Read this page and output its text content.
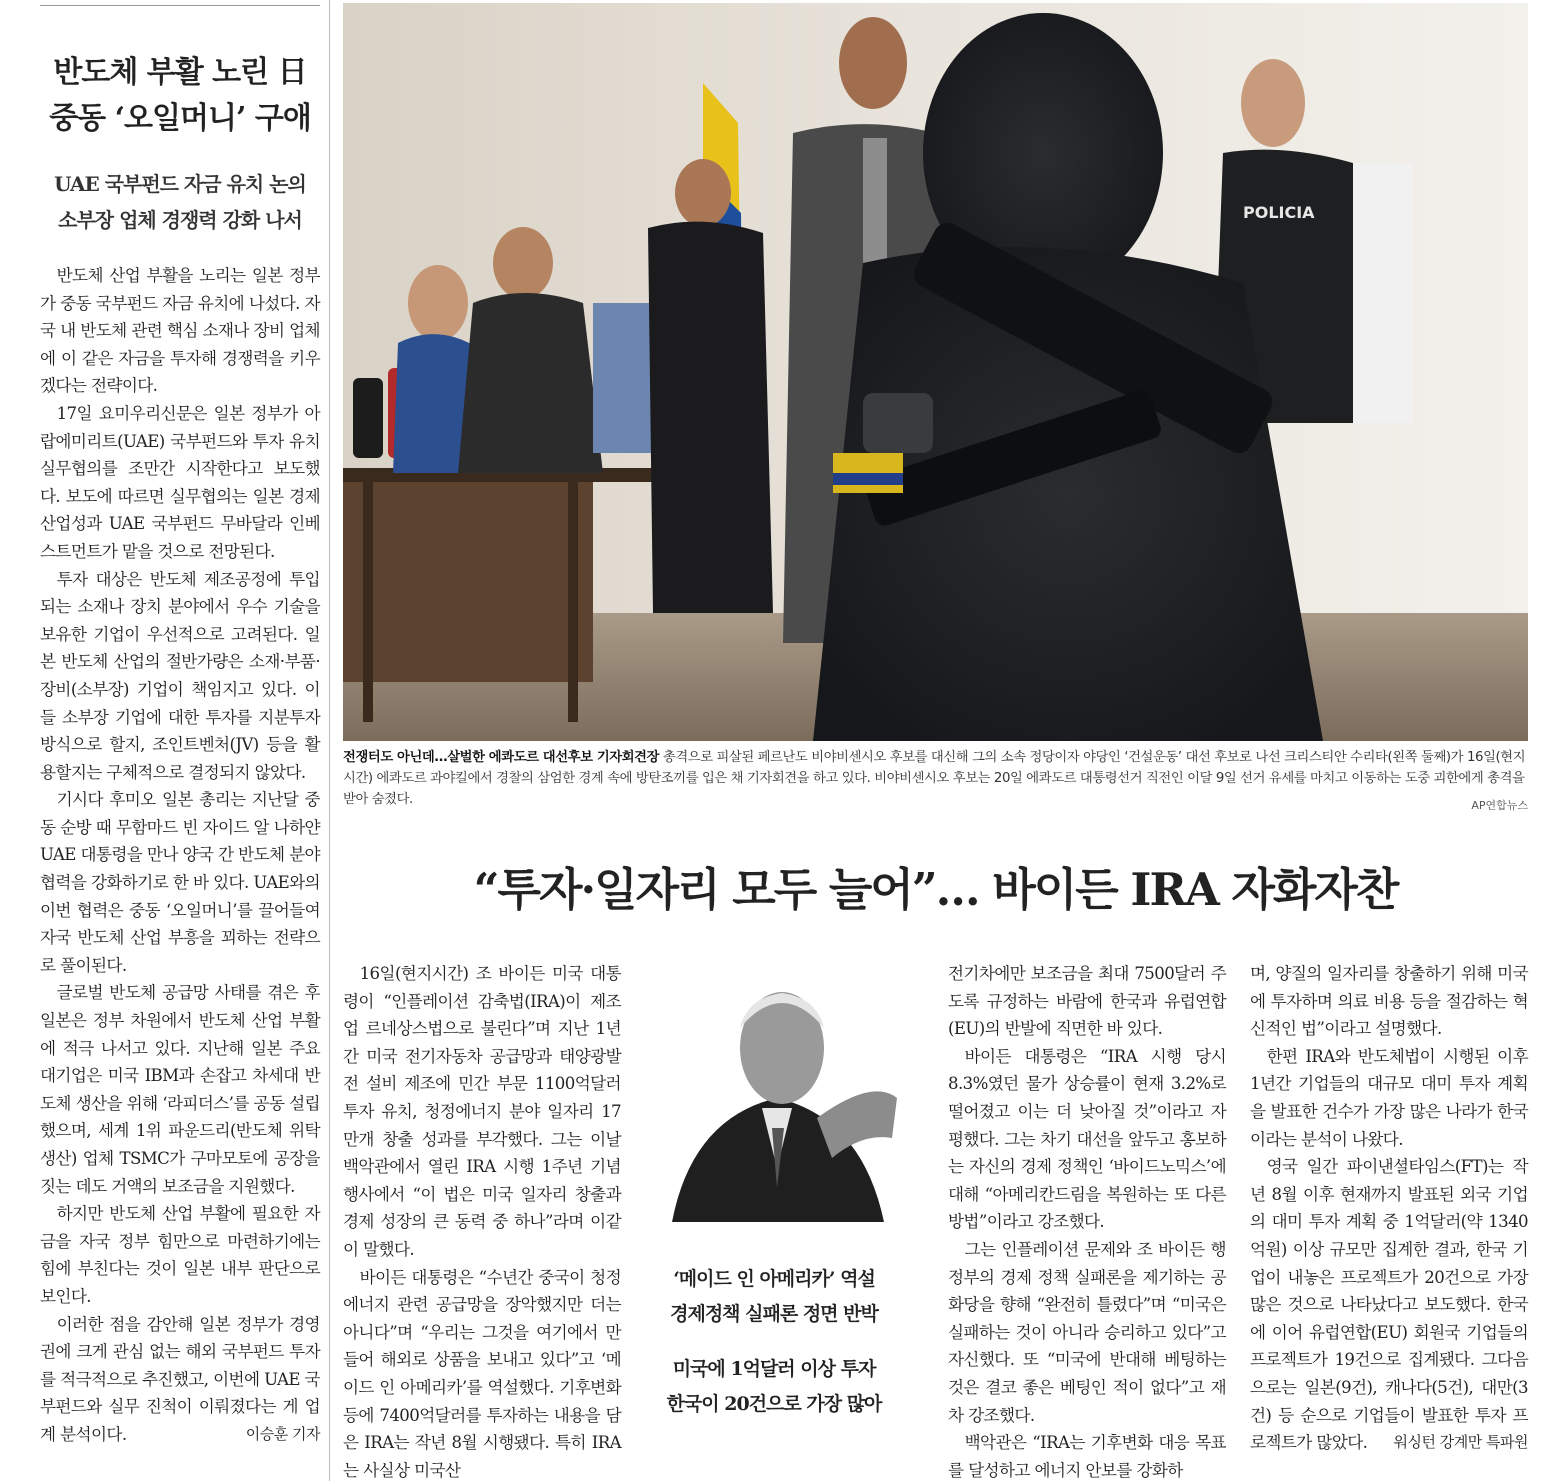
반도체 부활 노린 日
중동 ‘오일머니’ 구애
UAE 국부펀드 자금 유치 논의
소부장 업체 경쟁력 강화 나서

반도체 산업 부활을 노리는 일본 정부가 중동 국부펀드 자금 유치에 나섰다. 자국 내 반도체 관련 핵심 소재나 장비 업체에 이 같은 자금을 투자해 경쟁력을 키우겠다는 전략이다.

17일 요미우리신문은 일본 정부가 아랍에미리트(UAE) 국부펀드와 투자 유치 실무협의를 조만간 시작한다고 보도했다. 보도에 따르면 실무협의는 일본 경제산업성과 UAE 국부펀드 무바달라 인베스트먼트가 맡을 것으로 전망된다.

투자 대상은 반도체 제조공정에 투입되는 소재나 장치 분야에서 우수 기술을 보유한 기업이 우선적으로 고려된다. 일본 반도체 산업의 절반가량은 소재·부품·장비(소부장) 기업이 책임지고 있다. 이들 소부장 기업에 대한 투자를 지분투자 방식으로 할지, 조인트벤처(JV) 등을 활용할지는 구체적으로 결정되지 않았다.

기시다 후미오 일본 총리는 지난달 중동 순방 때 무함마드 빈 자이드 알 나하얀 UAE 대통령을 만나 양국 간 반도체 분야 협력을 강화하기로 한 바 있다. UAE와의 이번 협력은 중동 ‘오일머니’를 끌어들여 자국 반도체 산업 부흥을 꾀하는 전략으로 풀이된다.

글로벌 반도체 공급망 사태를 겪은 후 일본은 정부 차원에서 반도체 산업 부활에 적극 나서고 있다. 지난해 일본 주요 대기업은 미국 IBM과 손잡고 차세대 반도체 생산을 위해 ‘라피더스’를 공동 설립했으며, 세계 1위 파운드리(반도체 위탁생산) 업체 TSMC가 구마모토에 공장을 짓는 데도 거액의 보조금을 지원했다.

하지만 반도체 산업 부활에 필요한 자금을 자국 정부 힘만으로 마련하기에는 힘에 부친다는 것이 일본 내부 판단으로 보인다.

이러한 점을 감안해 일본 정부가 경영권에 크게 관심 없는 해외 국부펀드 투자를 적극적으로 추진했고, 이번에 UAE 국부펀드와 실무 진척이 이뤄졌다는 게 업계 분석이다.	이승훈 기자

POLICIA
전쟁터도 아닌데…살벌한 에콰도르 대선후보 기자회견장 총격으로 피살된 페르난도 비야비센시오 후보를 대신해 그의 소속 정당이자 야당인 ‘건설운동’ 대선 후보로 나선 크리스티안 수리타(왼쪽 둘째)가 16일(현지시간) 에콰도르 과야킬에서 경찰의 삼엄한 경계 속에 방탄조끼를 입은 채 기자회견을 하고 있다. 비야비센시오 후보는 20일 에콰도르 대통령선거 직전인 이달 9일 선거 유세를 마치고 이동하는 도중 괴한에게 총격을 받아 숨졌다.	AP연합뉴스
“투자·일자리 모두 늘어”… 바이든 IRA 자화자찬

16일(현지시간) 조 바이든 미국 대통령이 “인플레이션 감축법(IRA)이 제조업 르네상스법으로 불린다”며 지난 1년간 미국 전기자동차 공급망과 태양광발전 설비 제조에 민간 부문 1100억달러 투자 유치, 청정에너지 분야 일자리 17만개 창출 성과를 부각했다. 그는 이날 백악관에서 열린 IRA 시행 1주년 기념 행사에서 “이 법은 미국 일자리 창출과 경제 성장의 큰 동력 중 하나”라며 이같이 말했다.

바이든 대통령은 “수년간 중국이 청정에너지 관련 공급망을 장악했지만 더는 아니다”며 “우리는 그것을 여기에서 만들어 해외로 상품을 보내고 있다”고 ‘메이드 인 아메리카’를 역설했다. 기후변화 등에 7400억달러를 투자하는 내용을 담은 IRA는 작년 8월 시행됐다. 특히 IRA는 사실상 미국산

‘메이드 인 아메리카’ 역설
경제정책 실패론 정면 반박
미국에 1억달러 이상 투자
한국이 20건으로 가장 많아

전기차에만 보조금을 최대 7500달러 주도록 규정하는 바람에 한국과 유럽연합(EU)의 반발에 직면한 바 있다.

바이든 대통령은 “IRA 시행 당시 8.3%였던 물가 상승률이 현재 3.2%로 떨어졌고 이는 더 낮아질 것”이라고 자평했다. 그는 차기 대선을 앞두고 홍보하는 자신의 경제 정책인 ‘바이드노믹스’에 대해 “아메리칸드림을 복원하는 또 다른 방법”이라고 강조했다.

그는 인플레이션 문제와 조 바이든 행정부의 경제 정책 실패론을 제기하는 공화당을 향해 “완전히 틀렸다”며 “미국은 실패하는 것이 아니라 승리하고 있다”고 자신했다. 또 “미국에 반대해 베팅하는 것은 결코 좋은 베팅인 적이 없다”고 재차 강조했다.

백악관은 “IRA는 기후변화 대응 목표를 달성하고 에너지 안보를 강화하

며, 양질의 일자리를 창출하기 위해 미국에 투자하며 의료 비용 등을 절감하는 혁신적인 법”이라고 설명했다.

한편 IRA와 반도체법이 시행된 이후 1년간 기업들의 대규모 대미 투자 계획을 발표한 건수가 가장 많은 나라가 한국이라는 분석이 나왔다.

영국 일간 파이낸셜타임스(FT)는 작년 8월 이후 현재까지 발표된 외국 기업의 대미 투자 계획 중 1억달러(약 1340억원) 이상 규모만 집계한 결과, 한국 기업이 내놓은 프로젝트가 20건으로 가장 많은 것으로 나타났다고 보도했다. 한국에 이어 유럽연합(EU) 회원국 기업들의 프로젝트가 19건으로 집계됐다. 그다음으로는 일본(9건), 캐나다(5건), 대만(3건) 등 순으로 기업들이 발표한 투자 프로젝트가 많았다.	워싱턴 강계만 특파원
